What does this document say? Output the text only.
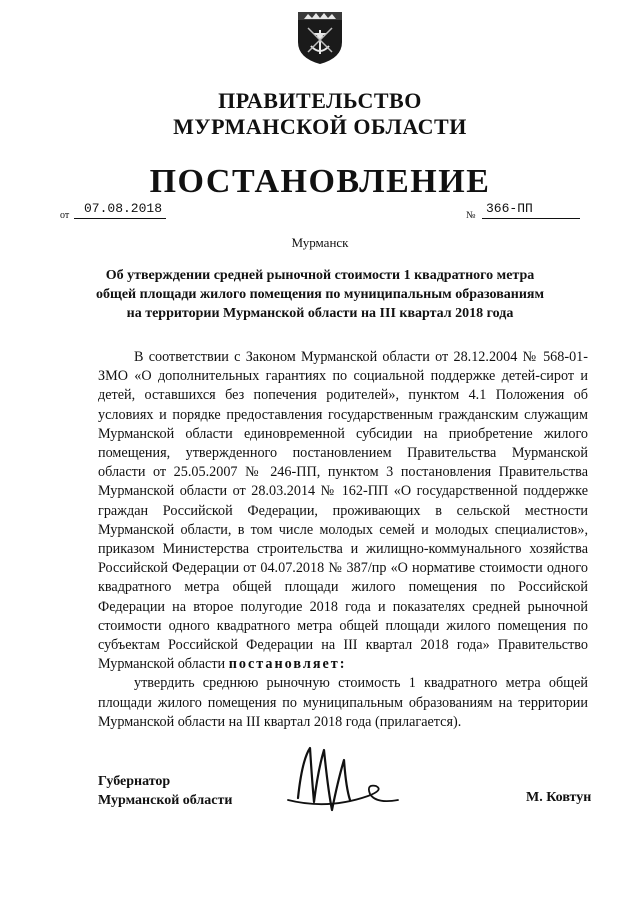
ПРАВИТЕЛЬСТВО
МУРМАНСКОЙ ОБЛАСТИ
ПОСТАНОВЛЕНИЕ
от 07.08.2018	№ 366-ПП
Мурманск
Об утверждении средней рыночной стоимости 1 квадратного метра
общей площади жилого помещения по муниципальным образованиям
на территории Мурманской области на III квартал 2018 года

В соответствии с Законом Мурманской области от 28.12.2004 № 568-01-ЗМО «О дополнительных гарантиях по социальной поддержке детей-сирот и детей, оставшихся без попечения родителей», пунктом 4.1 Положения об условиях и порядке предоставления государственным гражданским служащим Мурманской области единовременной субсидии на приобретение жилого помещения, утвержденного постановлением Правительства Мурманской области от 25.05.2007 № 246-ПП, пунктом 3 постановления Правительства Мурманской области от 28.03.2014 № 162-ПП «О государственной поддержке граждан Российской Федерации, проживающих в сельской местности Мурманской области, в том числе молодых семей и молодых специалистов», приказом Министерства строительства и жилищно-коммунального хозяйства Российской Федерации от 04.07.2018 № 387/пр «О нормативе стоимости одного квадратного метра общей площади жилого помещения по Российской Федерации на второе полугодие 2018 года и показателях средней рыночной стоимости одного квадратного метра общей площади жилого помещения по субъектам Российской Федерации на III квартал 2018 года» Правительство Мурманской области постановляет:

утвердить среднюю рыночную стоимость 1 квадратного метра общей площади жилого помещения по муниципальным образованиям на территории Мурманской области на III квартал 2018 года (прилагается).

Губернатор
Мурманской области	М. Ковтун
